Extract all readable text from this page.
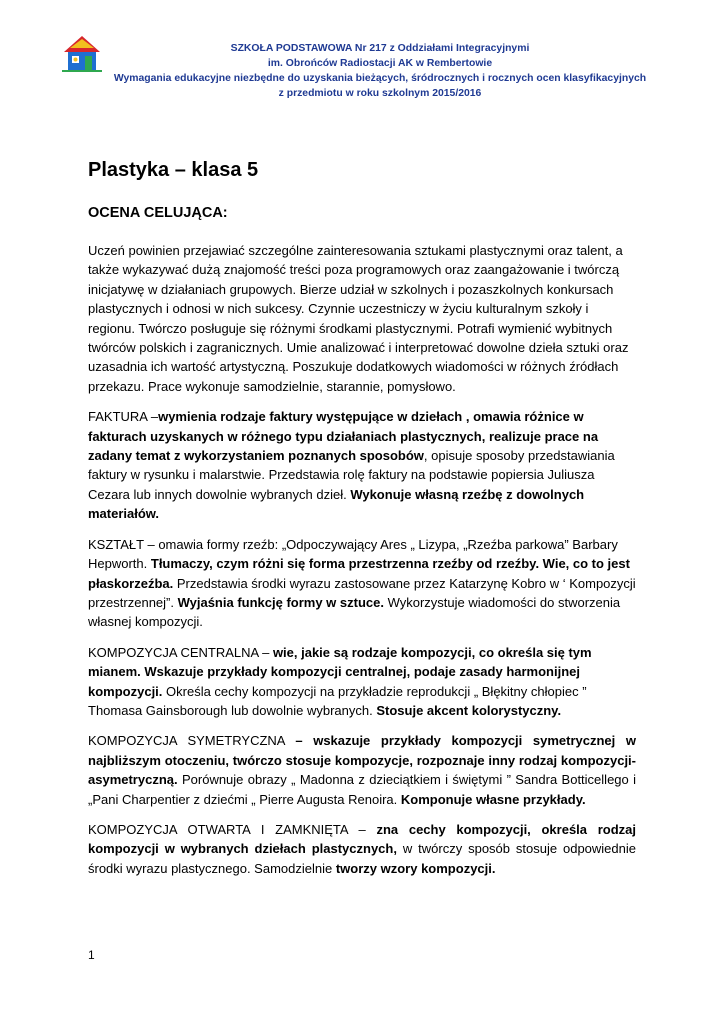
SZKOŁA PODSTAWOWA Nr 217 z Oddziałami Integracyjnymi
im. Obrońców Radiostacji AK w Rembertowie
Wymagania edukacyjne niezbędne do uzyskania bieżących, śródrocznych i rocznych ocen klasyfikacyjnych
z przedmiotu w roku szkolnym 2015/2016
Plastyka – klasa 5
OCENA CELUJĄCA:

Uczeń powinien przejawiać szczególne zainteresowania sztukami plastycznymi oraz talent, a także wykazywać dużą znajomość treści poza programowych oraz zaangażowanie i twórczą inicjatywę w działaniach grupowych. Bierze udział w szkolnych i pozaszkolnych konkursach plastycznych i odnosi w nich sukcesy. Czynnie uczestniczy w życiu kulturalnym szkoły i regionu. Twórczo posługuje się różnymi środkami plastycznymi. Potrafi wymienić wybitnych twórców polskich i zagranicznych. Umie analizować i interpretować dowolne dzieła sztuki oraz uzasadnia ich wartość artystyczną. Poszukuje dodatkowych wiadomości w różnych źródłach przekazu. Prace wykonuje samodzielnie, starannie, pomysłowo.

FAKTURA –wymienia rodzaje faktury występujące w dziełach , omawia różnice w fakturach uzyskanych w różnego typu działaniach plastycznych, realizuje prace na zadany temat z wykorzystaniem poznanych sposobów, opisuje sposoby przedstawiania faktury w rysunku i malarstwie. Przedstawia rolę faktury na podstawie popiersia Juliusza Cezara lub innych dowolnie wybranych dzieł. Wykonuje własną rzeźbę z dowolnych materiałów.

KSZTAŁT – omawia formy rzeźb: „Odpoczywający Ares „ Lizypa, „Rzeźba parkowa” Barbary Hepworth. Tłumaczy, czym różni się forma przestrzenna rzeźby od rzeźby. Wie, co to jest płaskorzeźba. Przedstawia środki wyrazu zastosowane przez Katarzynę Kobro w ‘ Kompozycji przestrzennej”. Wyjaśnia funkcję formy w sztuce. Wykorzystuje wiadomości do stworzenia własnej kompozycji.

KOMPOZYCJA CENTRALNA – wie, jakie są rodzaje kompozycji, co określa się tym mianem. Wskazuje przykłady kompozycji centralnej, podaje zasady harmonijnej kompozycji. Określa cechy kompozycji na przykładzie reprodukcji „ Błękitny chłopiec ” Thomasa Gainsborough lub dowolnie wybranych. Stosuje akcent kolorystyczny.

KOMPOZYCJA SYMETRYCZNA – wskazuje przykłady kompozycji symetrycznej w najbliższym otoczeniu, twórczo stosuje kompozycje, rozpoznaje inny rodzaj kompozycji- asymetryczną. Porównuje obrazy „ Madonna z dzieciątkiem i świętymi ” Sandra Botticellego i „Pani Charpentier z dziećmi „ Pierre Augusta Renoira. Komponuje własne przykłady.

KOMPOZYCJA OTWARTA I ZAMKNIĘTA – zna cechy kompozycji, określa rodzaj kompozycji w wybranych dziełach plastycznych, w twórczy sposób stosuje odpowiednie środki wyrazu plastycznego. Samodzielnie tworzy wzory kompozycji.

1
